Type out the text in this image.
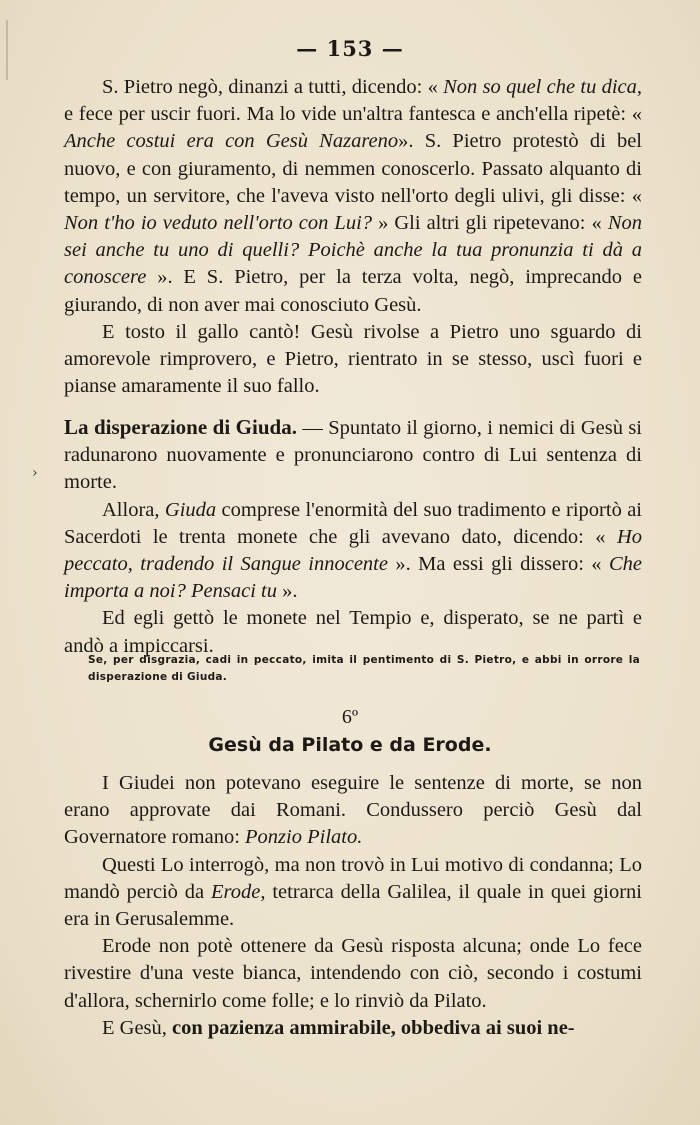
›
— 153 —

S. Pietro negò, dinanzi a tutti, dicendo: « Non so quel che tu dica, e fece per uscir fuori. Ma lo vide un'altra fantesca e anch'ella ripetè: « Anche costui era con Gesù Nazareno». S. Pietro protestò di bel nuovo, e con giuramento, di nemmen conoscerlo. Passato alquanto di tempo, un servitore, che l'aveva visto nell'orto degli ulivi, gli disse: « Non t'ho io veduto nell'orto con Lui? » Gli altri gli ripetevano: « Non sei anche tu uno di quelli? Poichè anche la tua pronunzia ti dà a conoscere ». E S. Pietro, per la terza volta, negò, imprecando e giurando, di non aver mai conosciuto Gesù.

E tosto il gallo cantò! Gesù rivolse a Pietro uno sguardo di amorevole rimprovero, e Pietro, rientrato in se stesso, uscì fuori e pianse amaramente il suo fallo.

La disperazione di Giuda. — Spuntato il giorno, i nemici di Gesù si radunarono nuovamente e pronunciarono contro di Lui sentenza di morte.

Allora, Giuda comprese l'enormità del suo tradimento e riportò ai Sacerdoti le trenta monete che gli avevano dato, dicendo: « Ho peccato, tradendo il Sangue innocente ». Ma essi gli dissero: « Che importa a noi? Pensaci tu ».

Ed egli gettò le monete nel Tempio e, disperato, se ne partì e andò a impiccarsi.

Se, per disgrazia, cadi in peccato, imita il pentimento di S. Pietro, e abbi in orrore la disperazione di Giuda.
6º
Gesù da Pilato e da Erode.

I Giudei non potevano eseguire le sentenze di morte, se non erano approvate dai Romani. Condussero perciò Gesù dal Governatore romano: Ponzio Pilato.

Questi Lo interrogò, ma non trovò in Lui motivo di condanna; Lo mandò perciò da Erode, tetrarca della Galilea, il quale in quei giorni era in Gerusalemme.

Erode non potè ottenere da Gesù risposta alcuna; onde Lo fece rivestire d'una veste bianca, intendendo con ciò, secondo i costumi d'allora, schernirlo come folle; e lo rinviò da Pilato.

E Gesù, con pazienza ammirabile, obbediva ai suoi ne-
